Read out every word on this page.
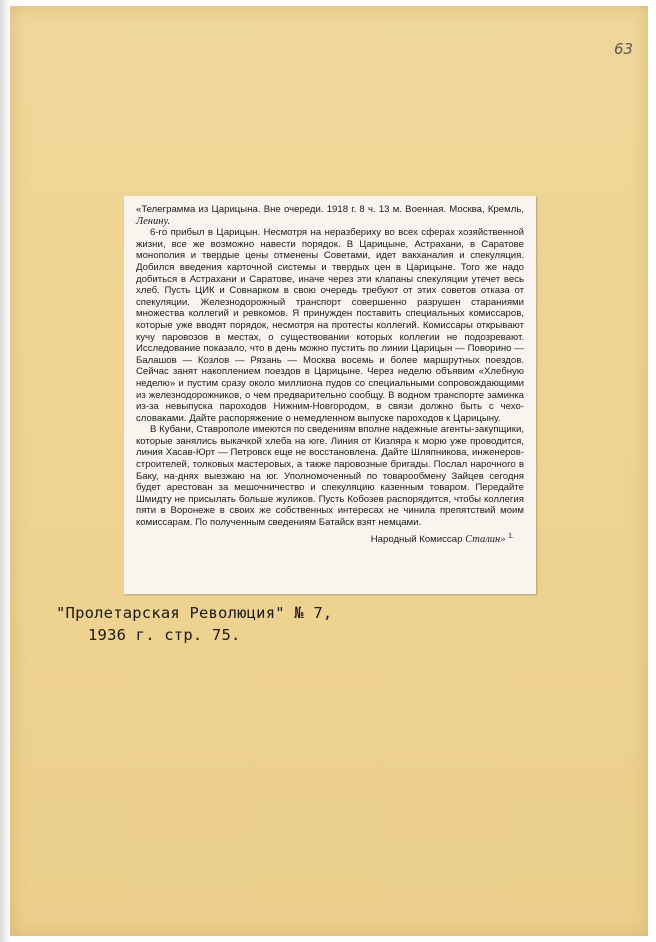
63

«Телеграмма из Царицына. Вне очереди. 1918 г. 8 ч. 13 м. Военная. Москва, Кремль, Ленину.

6-го прибыл в Царицын. Несмотря на неразбериху во всех сферах хозяйственной жизни, все же возможно навести порядок. В Царицыне, Астрахани, в Саратове монополия и твердые цены отменены Советами, идет вакханалия и спекуляция. Добился введения карточной системы и твердых цен в Царицыне. Того же надо добиться в Астрахани и Саратове, иначе через эти клапаны спекуляции утечет весь хлеб. Пусть ЦИК и Совнарком в свою очередь требуют от этих советов отказа от спекуляции. Железнодорожный транспорт совершенно разрушен стараниями множества коллегий и ревкомов. Я принужден поставить специальных комиссаров, которые уже вводят порядок, несмотря на протесты коллегий. Комиссары открывают кучу паровозов в местах, о существовании которых коллегии не подозревают. Исследование показало, что в день можно пустить по линии Царицын — Поворино — Балашов — Козлов — Рязань — Москва восемь и более маршрутных поездов. Сейчас занят накоплением поездов в Царицыне. Через неделю объявим «Хлебную неделю» и пустим сразу около миллиона пудов со специальными сопровождающими из железнодорожников, о чем предварительно сообщу. В водном транспорте заминка из-за невыпуска пароходов Нижним-Новгородом, в связи должно быть с чехо-словаками. Дайте распоряжение о немедленном выпуске пароходов к Царицыну.

В Кубани, Ставрополе имеются по сведениям вполне надежные агенты-закупщики, которые занялись выкачкой хлеба на юге. Линия от Кизляра к морю уже проводится, линия Хасав-Юрт — Петровск еще не восстановлена. Дайте Шляпникова, инженеров-строителей, толковых мастеровых, а также паровозные бригады. Послал нарочного в Баку, на-днях выезжаю на юг. Уполномоченный по товарообмену Зайцев сегодня будет арестован за мешочничество и спекуляцию казенным товаром. Передайте Шмидту не присылать больше жуликов. Пусть Кобозев распорядится, чтобы коллегия пяти в Воронеже в своих же собственных интересах не чинила препятствий моим комиссарам. По полученным сведениям Батайск взят немцами.

Народный Комиссар Сталин» $^{1.}$
"Пролетарская Революция" № 7,
1936 г. стр. 75.
